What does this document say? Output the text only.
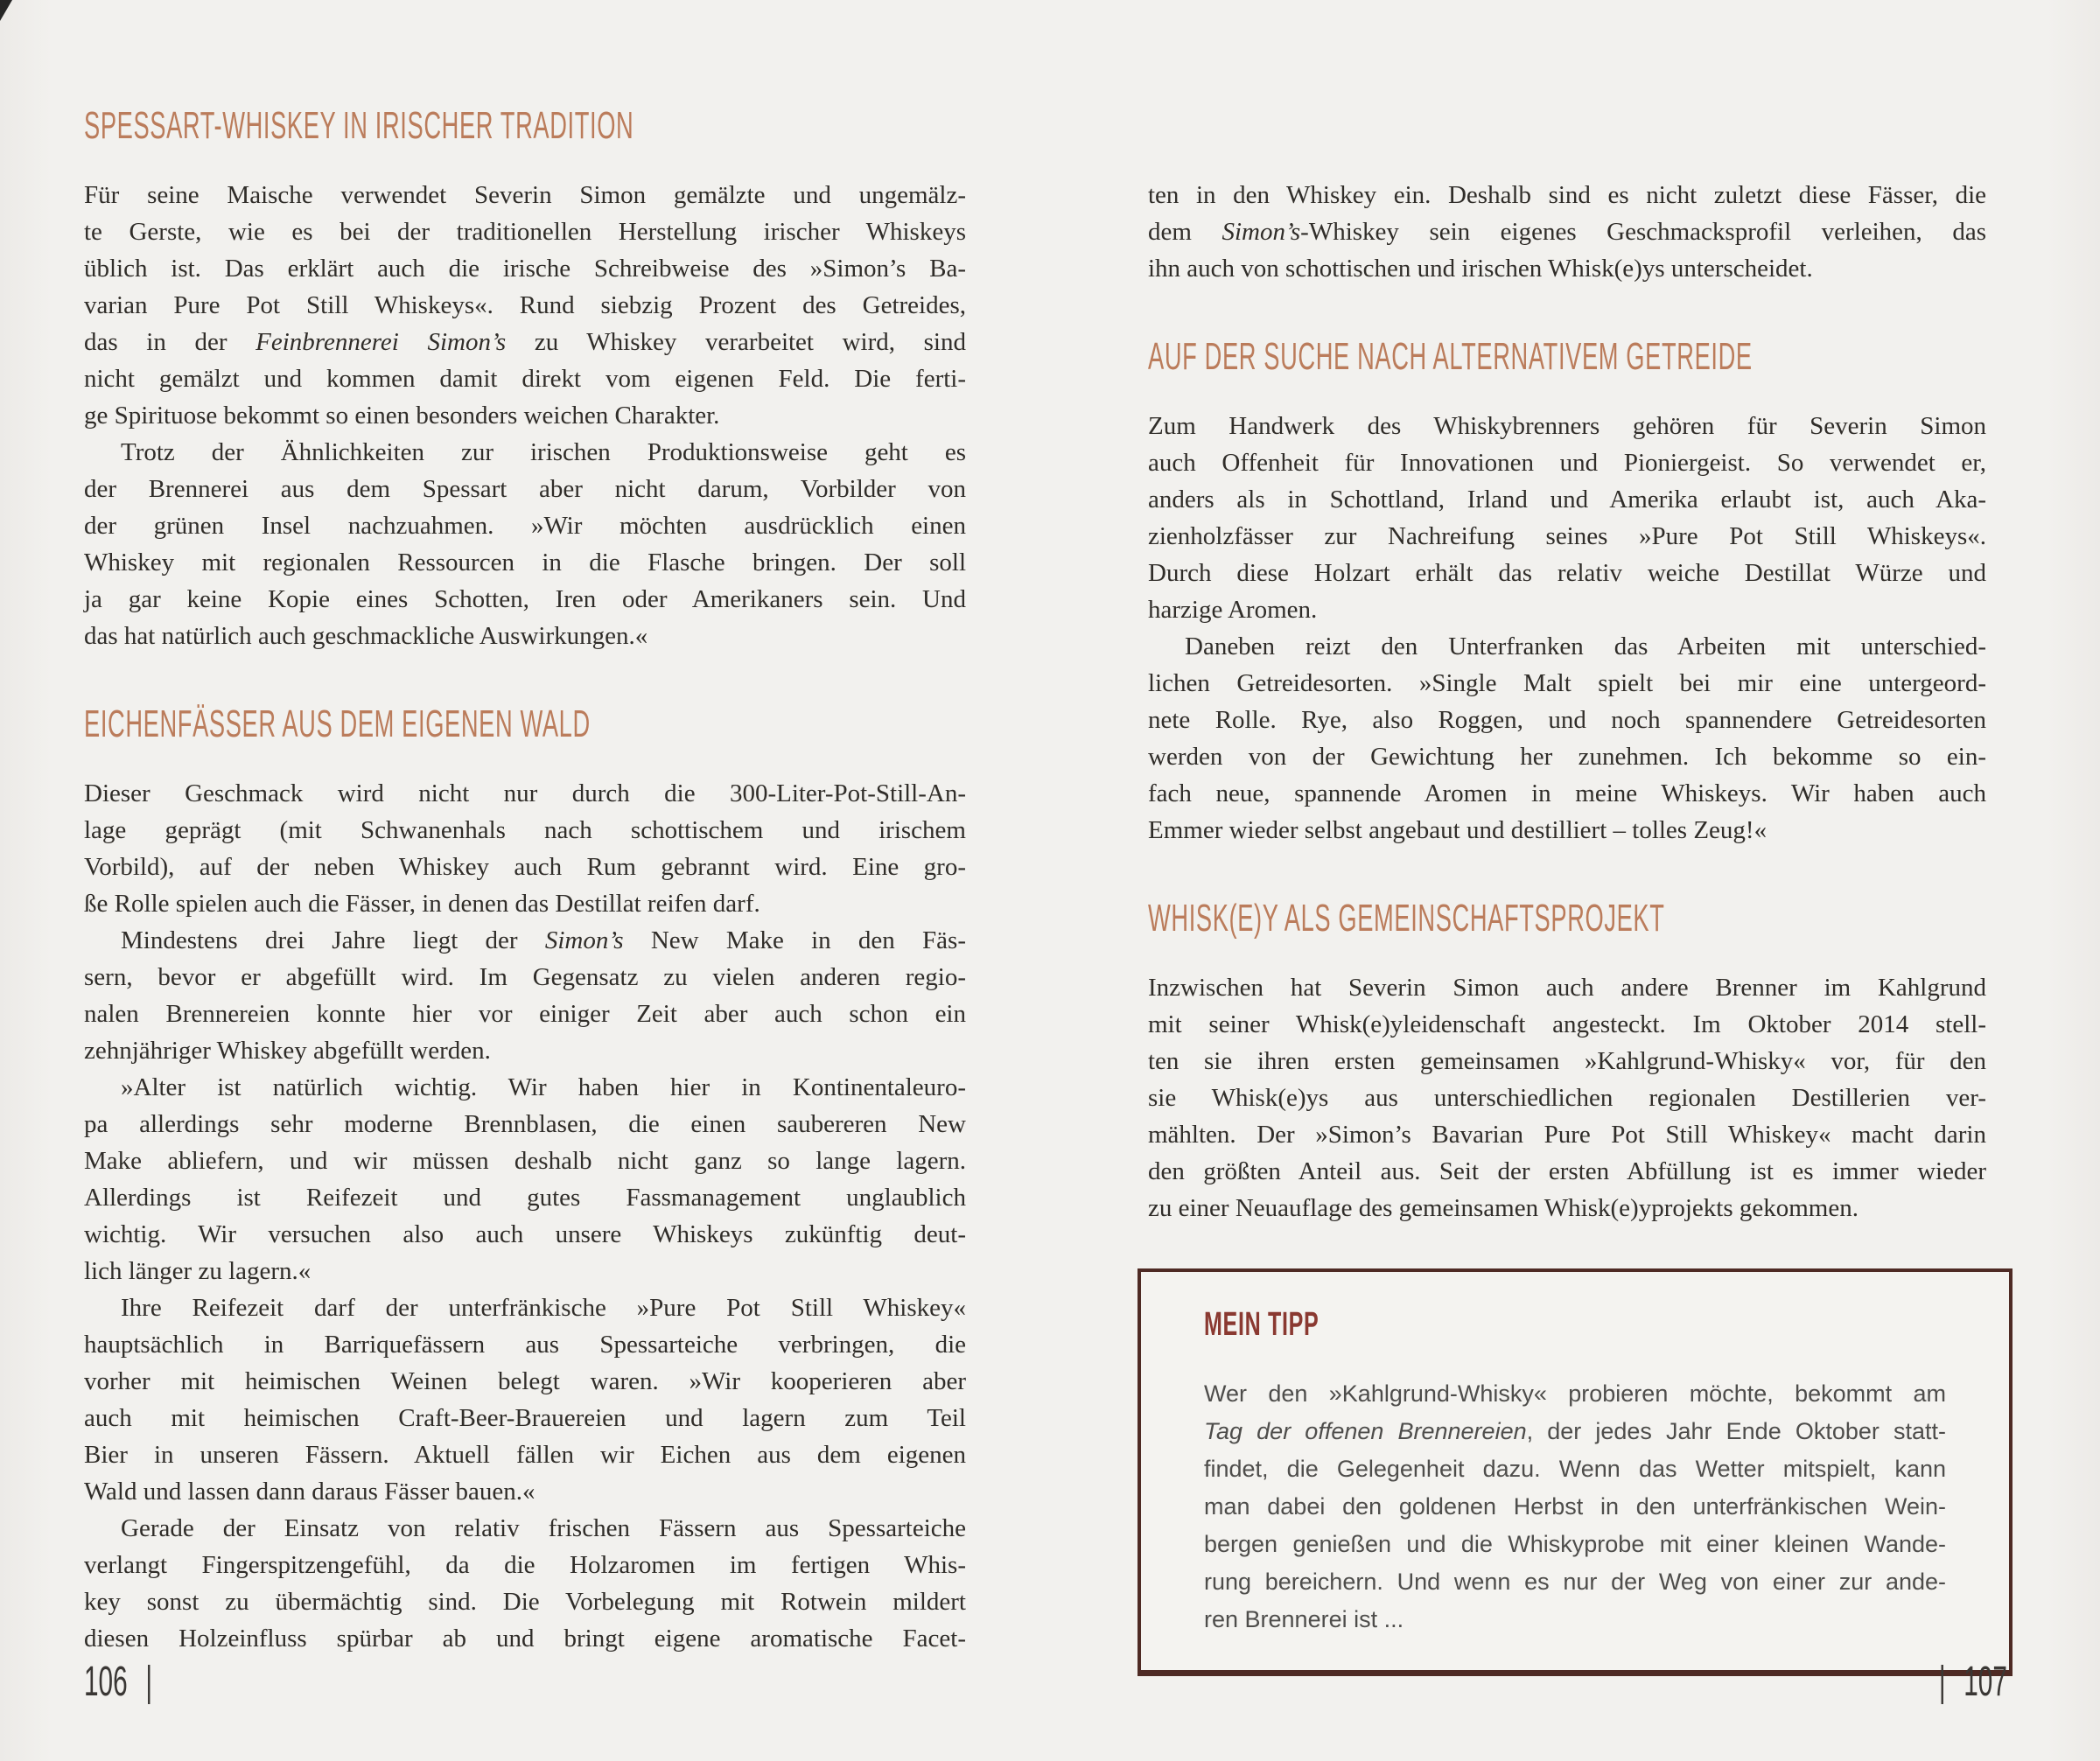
SPESSART-WHISKEY IN IRISCHER TRADITION
Für seine Maische verwendet Severin Simon gemälzte und ungemälz-
te Gerste, wie es bei der traditionellen Herstellung irischer Whiskeys
üblich ist. Das erklärt auch die irische Schreibweise des »Simon’s Ba-
varian Pure Pot Still Whiskeys«. Rund siebzig Prozent des Getreides,
das in der Feinbrennerei Simon’s zu Whiskey verarbeitet wird, sind
nicht gemälzt und kommen damit direkt vom eigenen Feld. Die ferti-
ge Spirituose bekommt so einen besonders weichen Charakter.
Trotz der Ähnlichkeiten zur irischen Produktionsweise geht es
der Brennerei aus dem Spessart aber nicht darum, Vorbilder von
der grünen Insel nachzuahmen. »Wir möchten ausdrücklich einen
Whiskey mit regionalen Ressourcen in die Flasche bringen. Der soll
ja gar keine Kopie eines Schotten, Iren oder Amerikaners sein. Und
das hat natürlich auch geschmackliche Auswirkungen.«
EICHENFÄSSER AUS DEM EIGENEN WALD
Dieser Geschmack wird nicht nur durch die 300-Liter-Pot-Still-An-
lage geprägt (mit Schwanenhals nach schottischem und irischem
Vorbild), auf der neben Whiskey auch Rum gebrannt wird. Eine gro-
ße Rolle spielen auch die Fässer, in denen das Destillat reifen darf.
Mindestens drei Jahre liegt der Simon’s New Make in den Fäs-
sern, bevor er abgefüllt wird. Im Gegensatz zu vielen anderen regio-
nalen Brennereien konnte hier vor einiger Zeit aber auch schon ein
zehnjähriger Whiskey abgefüllt werden.
»Alter ist natürlich wichtig. Wir haben hier in Kontinentaleuro-
pa allerdings sehr moderne Brennblasen, die einen saubereren New
Make abliefern, und wir müssen deshalb nicht ganz so lange lagern.
Allerdings ist Reifezeit und gutes Fassmanagement unglaublich
wichtig. Wir versuchen also auch unsere Whiskeys zukünftig deut-
lich länger zu lagern.«
Ihre Reifezeit darf der unterfränkische »Pure Pot Still Whiskey«
hauptsächlich in Barriquefässern aus Spessarteiche verbringen, die
vorher mit heimischen Weinen belegt waren. »Wir kooperieren aber
auch mit heimischen Craft-Beer-Brauereien und lagern zum Teil
Bier in unseren Fässern. Aktuell fällen wir Eichen aus dem eigenen
Wald und lassen dann daraus Fässer bauen.«
Gerade der Einsatz von relativ frischen Fässern aus Spessarteiche
verlangt Fingerspitzengefühl, da die Holzaromen im fertigen Whis-
key sonst zu übermächtig sind. Die Vorbelegung mit Rotwein mildert
diesen Holzeinfluss spürbar ab und bringt eigene aromatische Facet-
ten in den Whiskey ein. Deshalb sind es nicht zuletzt diese Fässer, die
dem Simon’s-Whiskey sein eigenes Geschmacksprofil verleihen, das
ihn auch von schottischen und irischen Whisk(e)ys unterscheidet.
AUF DER SUCHE NACH ALTERNATIVEM GETREIDE
Zum Handwerk des Whiskybrenners gehören für Severin Simon
auch Offenheit für Innovationen und Pioniergeist. So verwendet er,
anders als in Schottland, Irland und Amerika erlaubt ist, auch Aka-
zienholzfässer zur Nachreifung seines »Pure Pot Still Whiskeys«.
Durch diese Holzart erhält das relativ weiche Destillat Würze und
harzige Aromen.
Daneben reizt den Unterfranken das Arbeiten mit unterschied-
lichen Getreidesorten. »Single Malt spielt bei mir eine untergeord-
nete Rolle. Rye, also Roggen, und noch spannendere Getreidesorten
werden von der Gewichtung her zunehmen. Ich bekomme so ein-
fach neue, spannende Aromen in meine Whiskeys. Wir haben auch
Emmer wieder selbst angebaut und destilliert – tolles Zeug!«
WHISK(E)Y ALS GEMEINSCHAFTSPROJEKT
Inzwischen hat Severin Simon auch andere Brenner im Kahlgrund
mit seiner Whisk(e)yleidenschaft angesteckt. Im Oktober 2014 stell-
ten sie ihren ersten gemeinsamen »Kahlgrund-Whisky« vor, für den
sie Whisk(e)ys aus unterschiedlichen regionalen Destillerien ver-
mählten. Der »Simon’s Bavarian Pure Pot Still Whiskey« macht darin
den größten Anteil aus. Seit der ersten Abfüllung ist es immer wieder
zu einer Neuauflage des gemeinsamen Whisk(e)yprojekts gekommen.
MEIN TIPP
Wer den »Kahlgrund-Whisky« probieren möchte, bekommt am
Tag der offenen Brennereien, der jedes Jahr Ende Oktober statt-
findet, die Gelegenheit dazu. Wenn das Wetter mitspielt, kann
man dabei den goldenen Herbst in den unterfränkischen Wein-
bergen genießen und die Whiskyprobe mit einer kleinen Wande-
rung bereichern. Und wenn es nur der Weg von einer zur ande-
ren Brennerei ist ...
106 |	| 107
